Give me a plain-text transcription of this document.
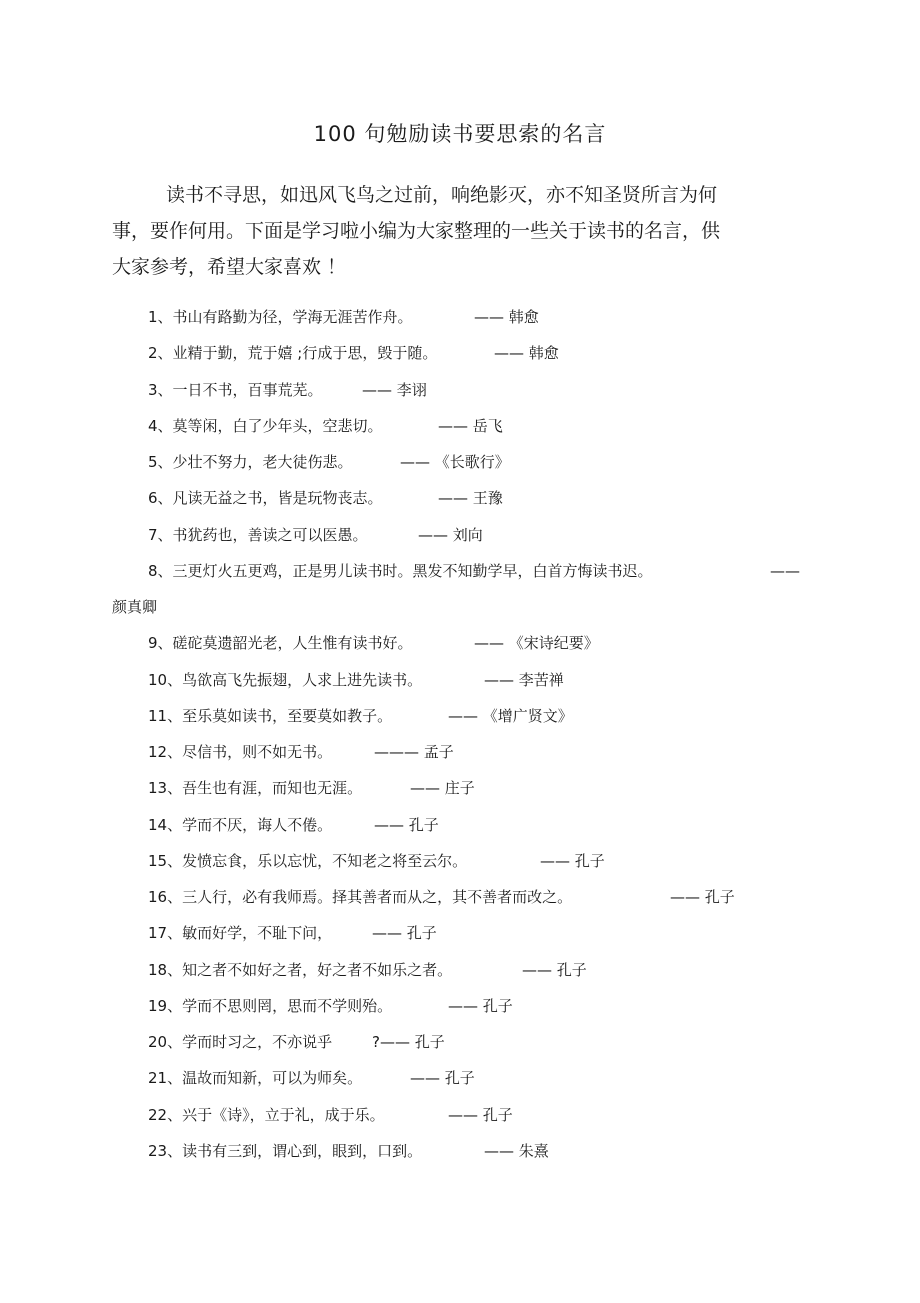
100 句勉励读书要思索的名言
读书不寻思，如迅风飞鸟之过前，响绝影灭，亦不知圣贤所言为何
事，要作何用。下面是学习啦小编为大家整理的一些关于读书的名言，供
大家参考，希望大家喜欢 ！
1、书山有路勤为径，学海无涯苦作舟。	—— 韩愈
2、业精于勤，荒于嬉 ;行成于思，毁于随。	—— 韩愈
3、一日不书，百事荒芜。	—— 李诩
4、莫等闲，白了少年头，空悲切。	—— 岳飞
5、少壮不努力，老大徒伤悲。	—— 《长歌行》
6、凡读无益之书，皆是玩物丧志。	—— 王豫
7、书犹药也，善读之可以医愚。	—— 刘向
8、三更灯火五更鸡，正是男儿读书时。黑发不知勤学早，白首方悔读书迟。	——
颜真卿
9、磋砣莫遗韶光老，人生惟有读书好。	—— 《宋诗纪要》
10、鸟欲高飞先振翅，人求上进先读书。	—— 李苦禅
11、至乐莫如读书，至要莫如教子。	—— 《增广贤文》
12、尽信书，则不如无书。	——— 孟子
13、吾生也有涯，而知也无涯。	—— 庄子
14、学而不厌，诲人不倦。	—— 孔子
15、发愤忘食，乐以忘忧，不知老之将至云尔。	—— 孔子
16、三人行，必有我师焉。择其善者而从之，其不善者而改之。	—— 孔子
17、敏而好学，不耻下问，	—— 孔子
18、知之者不如好之者，好之者不如乐之者。	—— 孔子
19、学而不思则罔，思而不学则殆。	—— 孔子
20、学而时习之，不亦说乎	?—— 孔子
21、温故而知新，可以为师矣。	—— 孔子
22、兴于《诗》，立于礼，成于乐。	—— 孔子
23、读书有三到，谓心到，眼到，口到。	—— 朱熹
